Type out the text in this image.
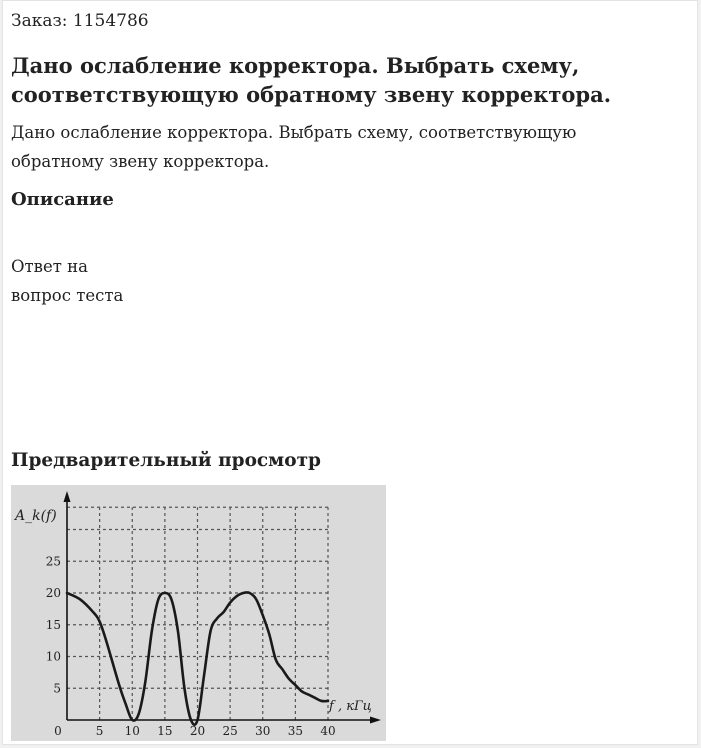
Заказ: 1154786
Дано ослабление корректора. Выбрать схему, соответствующую обратному звену корректора.
Дано ослабление корректора. Выбрать схему, соответствующую обратному звену корректора.
Описание
Ответ на
вопрос теста
Предварительный просмотр
0	5 10 15 20 25 30 35 40
5
10
15
20
25
A_k(f)
f , кГц
